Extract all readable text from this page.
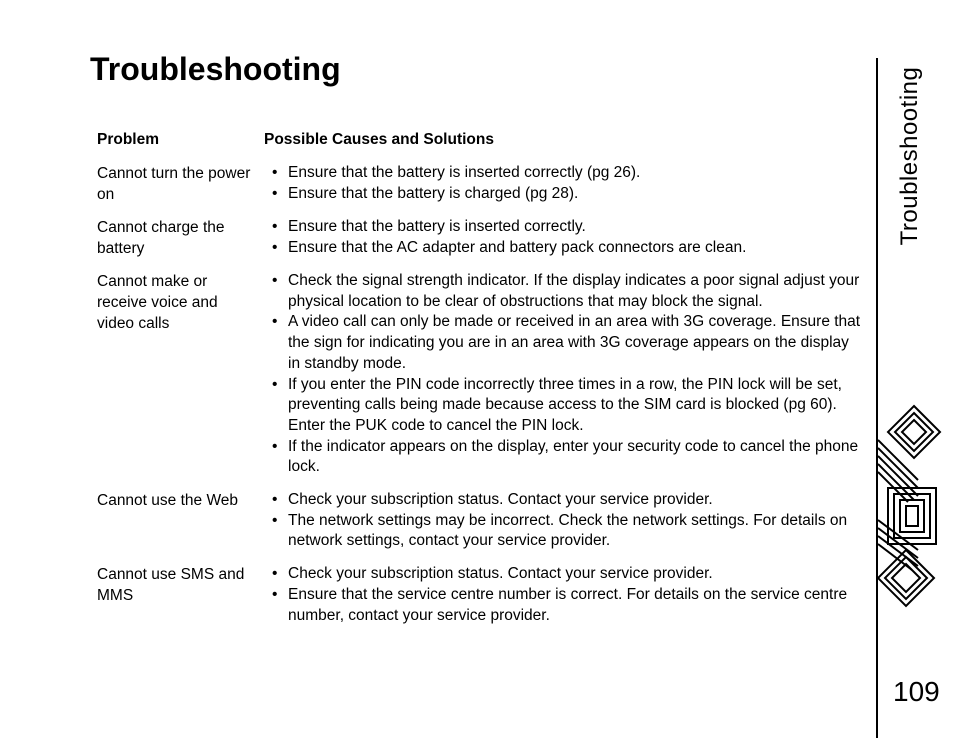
Troubleshooting
Problem	Possible Causes and Solutions
Cannot turn the power on
• Ensure that the battery is inserted correctly (pg 26).
• Ensure that the battery is charged (pg 28).
Cannot charge the battery
• Ensure that the battery is inserted correctly.
• Ensure that the AC adapter and battery pack connectors are clean.
Cannot make or receive voice and video calls
• Check the signal strength indicator. If the display indicates a poor signal adjust your physical location to be clear of obstructions that may block the signal.
• A video call can only be made or received in an area with 3G coverage. Ensure that the sign for indicating you are in an area with 3G coverage appears on the display in standby mode.
• If you enter the PIN code incorrectly three times in a row, the PIN lock will be set, preventing calls being made because access to the SIM card is blocked (pg 60). Enter the PUK code to cancel the PIN lock.
• If the indicator appears on the display, enter your security code to cancel the phone lock.
Cannot use the Web
•	Check your subscription status. Contact your service provider.
• The network settings may be incorrect. Check the network settings. For details on network settings, contact your service provider.
Cannot use SMS and MMS
• Check your subscription status. Contact your service provider.
• Ensure that the service centre number is correct. For details on the service centre number, contact your service provider.
Troubleshooting
109
